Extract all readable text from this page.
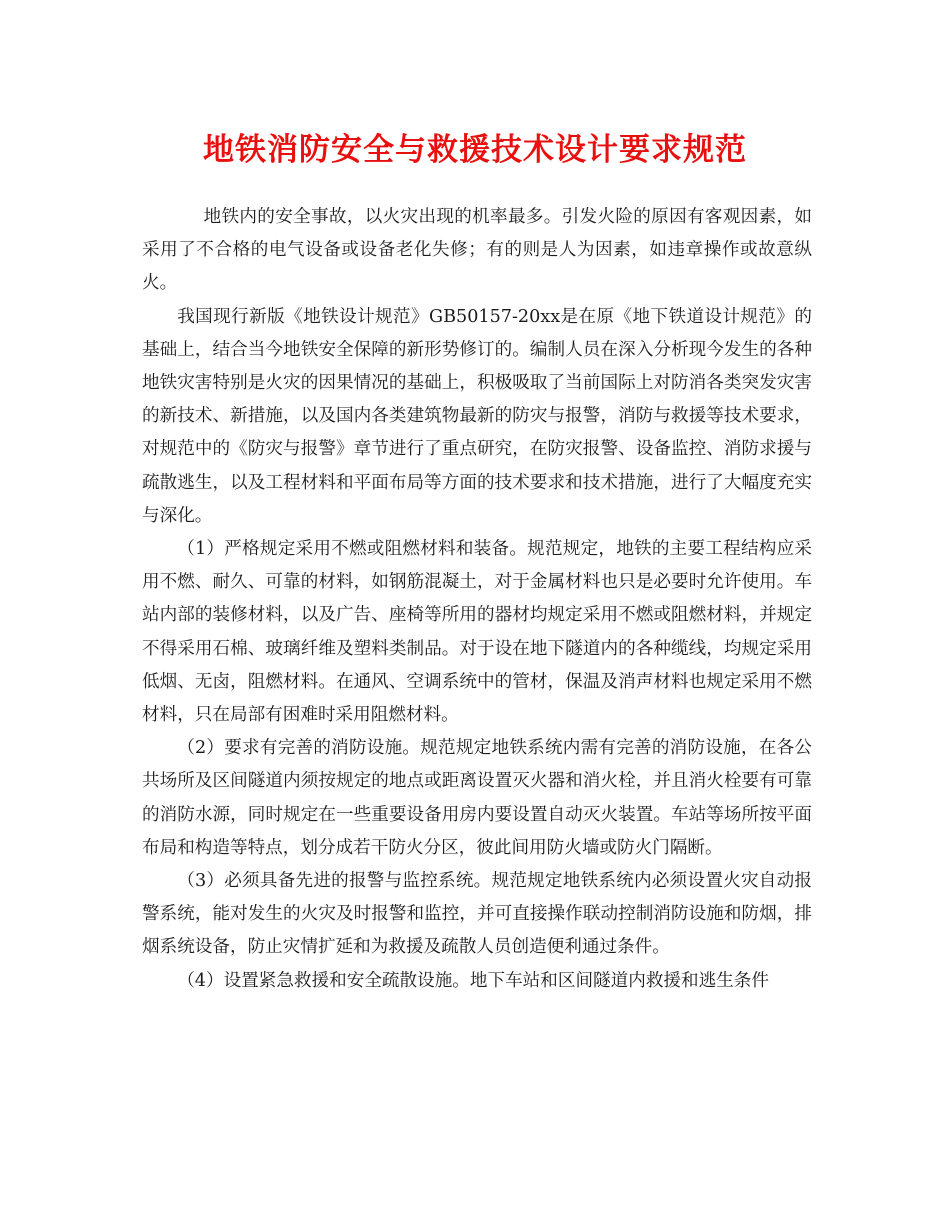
地铁消防安全与救援技术设计要求规范

地铁内的安全事故，以火灾出现的机率最多。引发火险的原因有客观因素，如采用了不合格的电气设备或设备老化失修；有的则是人为因素，如违章操作或故意纵火。

我国现行新版《地铁设计规范》GB50157-20xx是在原《地下铁道设计规范》的基础上，结合当今地铁安全保障的新形势修订的。编制人员在深入分析现今发生的各种地铁灾害特别是火灾的因果情况的基础上，积极吸取了当前国际上对防消各类突发灾害的新技术、新措施，以及国内各类建筑物最新的防灾与报警，消防与救援等技术要求，对规范中的《防灾与报警》章节进行了重点研究，在防灾报警、设备监控、消防求援与疏散逃生，以及工程材料和平面布局等方面的技术要求和技术措施，进行了大幅度充实与深化。

（1）严格规定采用不燃或阻燃材料和装备。规范规定，地铁的主要工程结构应采用不燃、耐久、可靠的材料，如钢筋混凝土，对于金属材料也只是必要时允许使用。车站内部的装修材料，以及广告、座椅等所用的器材均规定采用不燃或阻燃材料，并规定不得采用石棉、玻璃纤维及塑料类制品。对于设在地下隧道内的各种缆线，均规定采用低烟、无卤，阻燃材料。在通风、空调系统中的管材，保温及消声材料也规定采用不燃材料，只在局部有困难时采用阻燃材料。

（2）要求有完善的消防设施。规范规定地铁系统内需有完善的消防设施，在各公共场所及区间隧道内须按规定的地点或距离设置灭火器和消火栓，并且消火栓要有可靠的消防水源，同时规定在一些重要设备用房内要设置自动灭火装置。车站等场所按平面布局和构造等特点，划分成若干防火分区，彼此间用防火墙或防火门隔断。

（3）必须具备先进的报警与监控系统。规范规定地铁系统内必须设置火灾自动报警系统，能对发生的火灾及时报警和监控，并可直接操作联动控制消防设施和防烟，排烟系统设备，防止灾情扩延和为救援及疏散人员创造便利通过条件。

（4）设置紧急救援和安全疏散设施。地下车站和区间隧道内救援和逃生条件
